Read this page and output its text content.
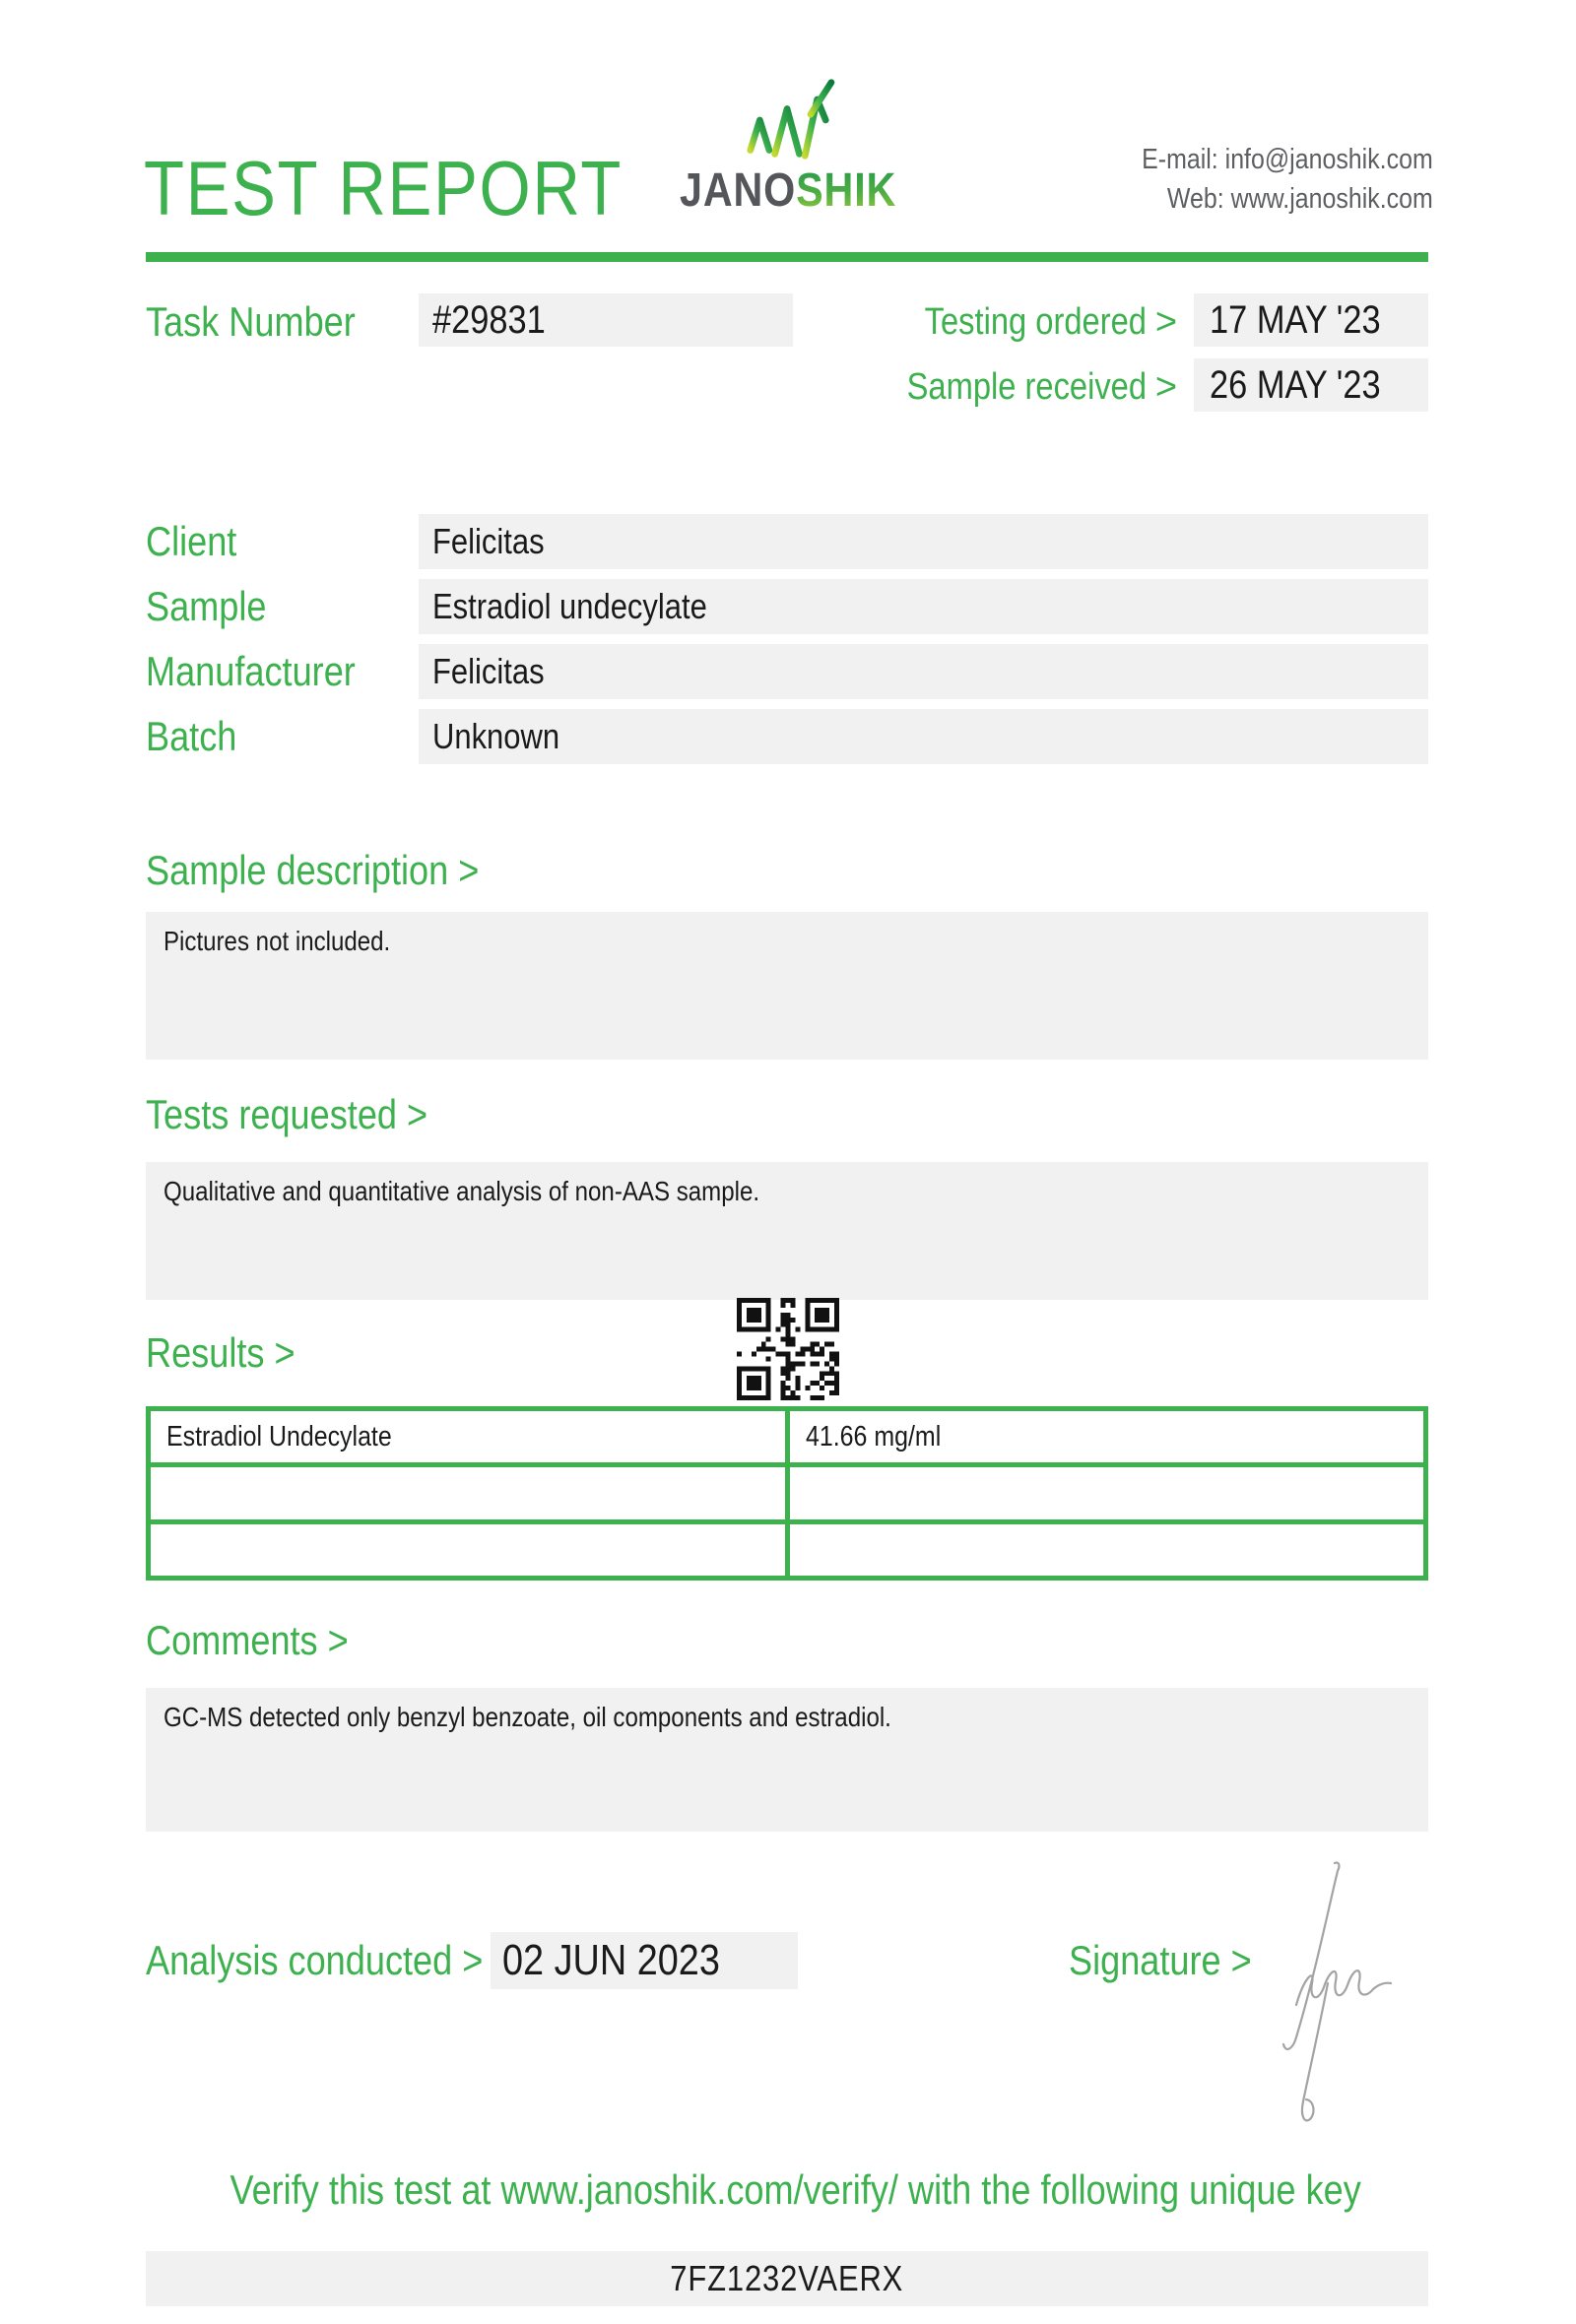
TEST REPORT	JANOSHIK
E-mail: info@janoshik.com
Web: www.janoshik.com
Task Number #29831	Testing ordered > 17 MAY '23
Sample received > 26 MAY '23
Client	Felicitas
Sample	Estradiol undecylate
Manufacturer Felicitas
Batch	Unknown
Sample description >
Pictures not included.
Tests requested >
Qualitative and quantitative analysis of non-AAS sample.
Results >
Estradiol Undecylate	41.66 mg/ml
Comments >
GC-MS detected only benzyl benzoate, oil components and estradiol.
Analysis conducted > 02 JUN 2023	Signature >
Verify this test at www.janoshik.com/verify/ with the following unique key
7FZ1232VAERX
